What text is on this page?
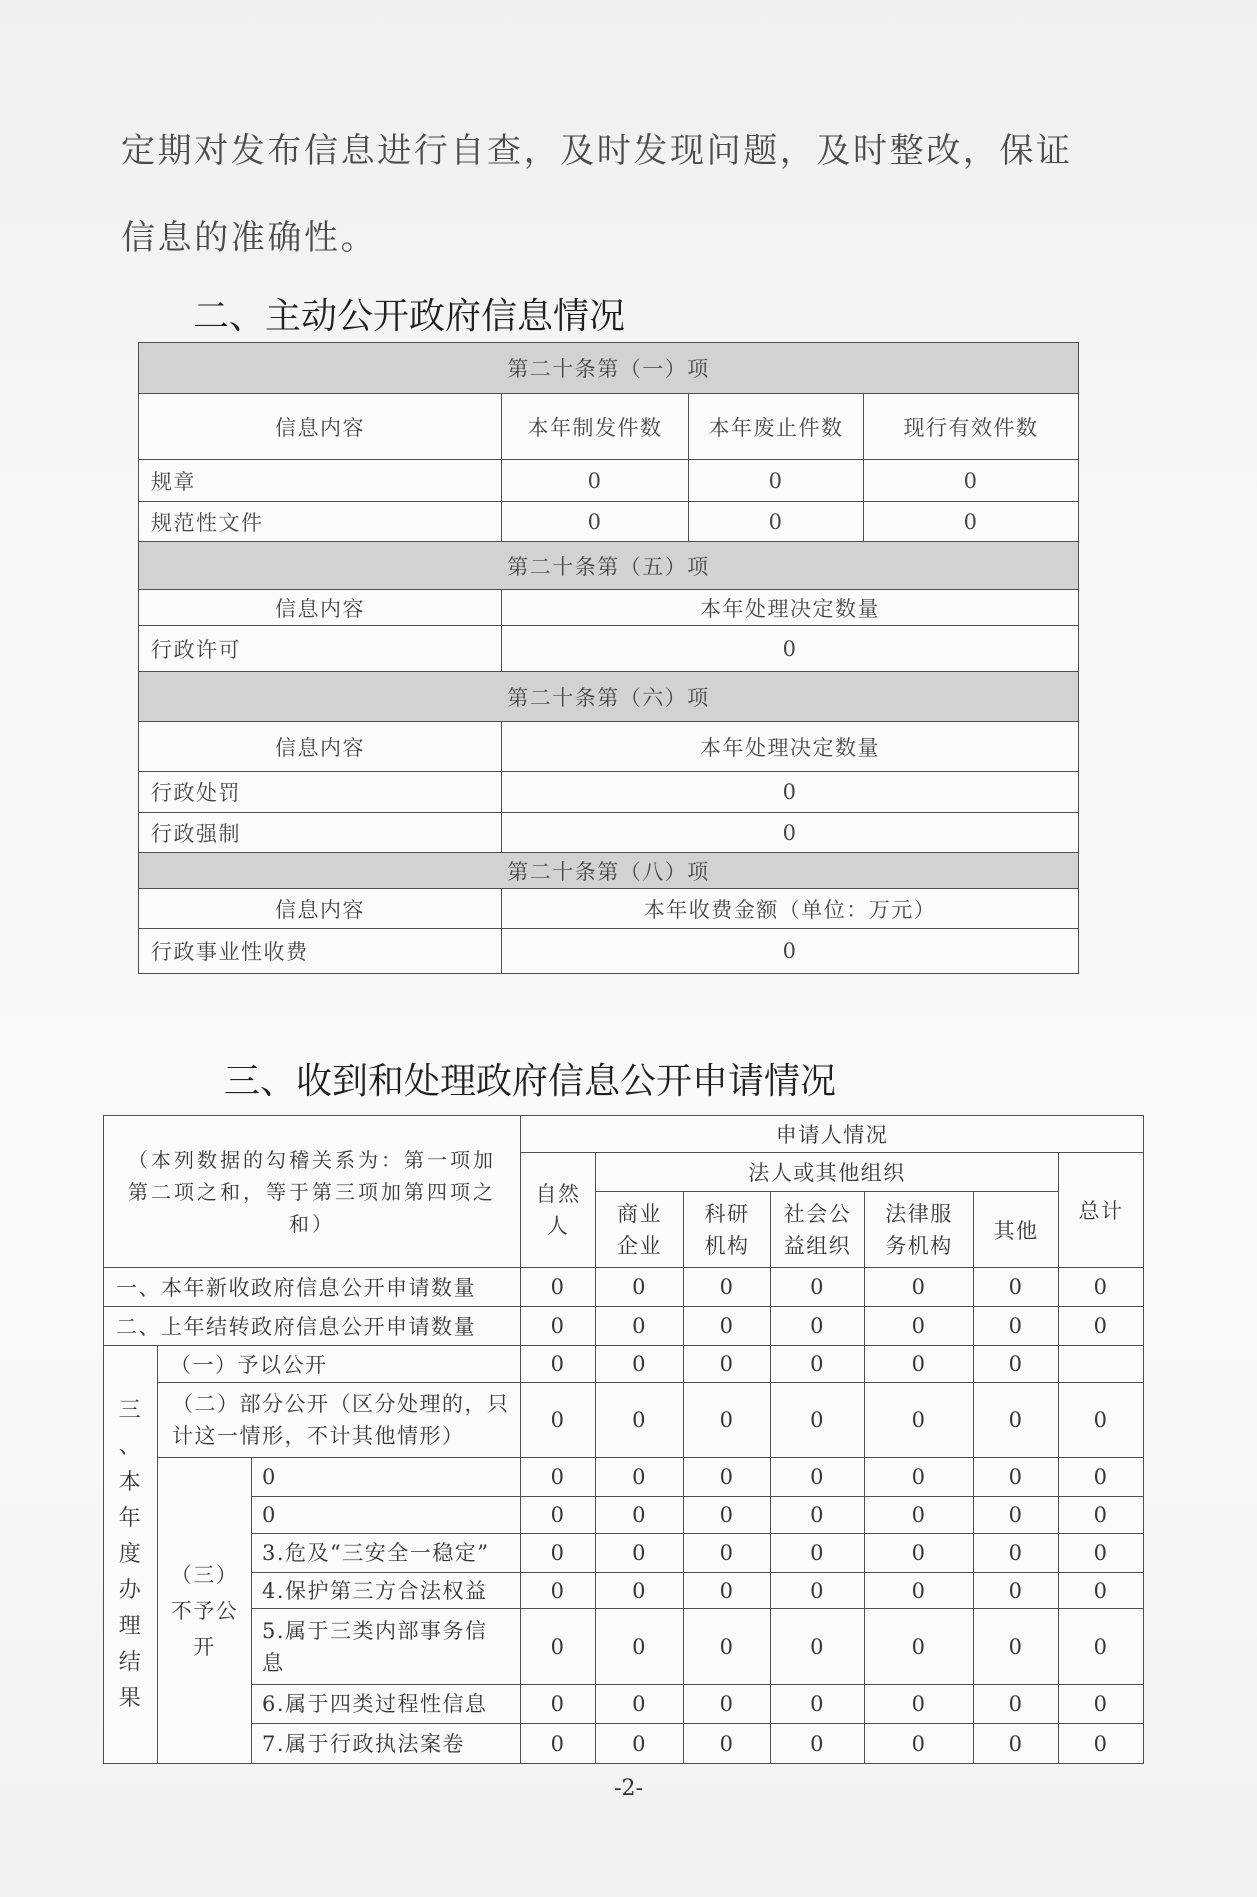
定期对发布信息进行自查，及时发现问题，及时整改，保证
信息的准确性。
二、主动公开政府信息情况
第二十条第（一）项			
信息内容	本年制发件数	本年废止件数	现行有效件数
规章	0	0	0
规范性文件	0	0	0
第二十条第（五）项			
信息内容	本年处理决定数量		
行政许可	0		
第二十条第（六）项			
信息内容	本年处理决定数量		
行政处罚	0		
行政强制	0		
第二十条第（八）项			
信息内容	本年收费金额（单位：万元）		
行政事业性收费	0		
三、收到和处理政府信息公开申请情况
（本列数据的勾稽关系为：第一项加第二项之和，等于第三项加第四项之和）			申请人情况						
			自然人	法人或其他组织					总计
				商业企业	科研机构	社会公益组织	法律服务机构	其他	
一、本年新收政府信息公开申请数量			0	0	0	0	0	0	0
二、上年结转政府信息公开申请数量			0	0	0	0	0	0	0
三、本年度办理结果	（一）予以公开		0	0	0	0	0	0	
	（二）部分公开（区分处理的，只计这一情形，不计其他情形）		0	0	0	0	0	0	0
	（三）不予公开	0	0	0	0	0	0	0	0
		0	0	0	0	0	0	0	0
		3.危及“三安全一稳定”	0	0	0	0	0	0	0
		4.保护第三方合法权益	0	0	0	0	0	0	0
		5.属于三类内部事务信息	0	0	0	0	0	0	0
		6.属于四类过程性信息	0	0	0	0	0	0	0
		7.属于行政执法案卷	0	0	0	0	0	0	0
-2-
